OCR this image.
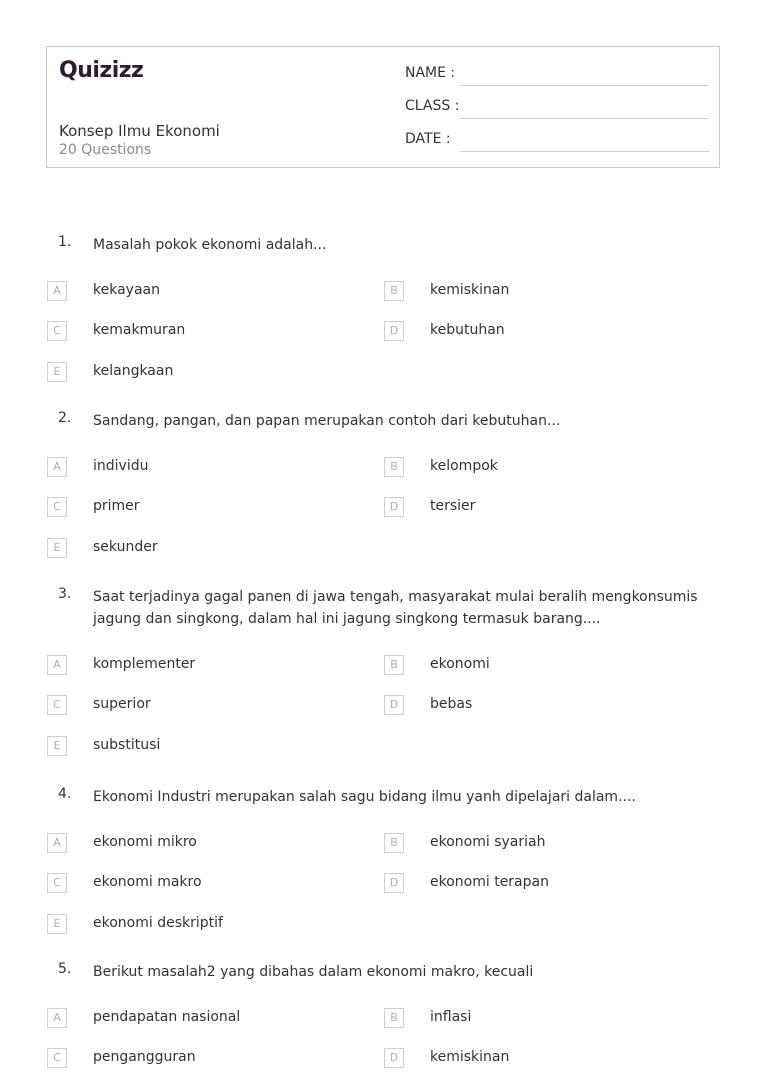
Quizizz
Konsep Ilmu Ekonomi
20 Questions
NAME :
CLASS :
DATE :
1. Masalah pokok ekonomi adalah...
A	kekayaan	B	kemiskinan
C	kemakmuran	D	kebutuhan
E	kelangkaan
2. Sandang, pangan, dan papan merupakan contoh dari kebutuhan...
A	individu	B	kelompok
C	primer	D	tersier
E	sekunder
3. Saat terjadinya gagal panen di jawa tengah, masyarakat mulai beralih mengkonsumis
jagung dan singkong, dalam hal ini jagung singkong termasuk barang....
A	komplementer	B	ekonomi
C	superior	D	bebas
E	substitusi
4. Ekonomi Industri merupakan salah sagu bidang ilmu yanh dipelajari dalam....
A	ekonomi mikro	B	ekonomi syariah
C	ekonomi makro	D	ekonomi terapan
E	ekonomi deskriptif
5. Berikut masalah2 yang dibahas dalam ekonomi makro, kecuali
A	pendapatan nasional	B	inflasi
C	pengangguran	D	kemiskinan
